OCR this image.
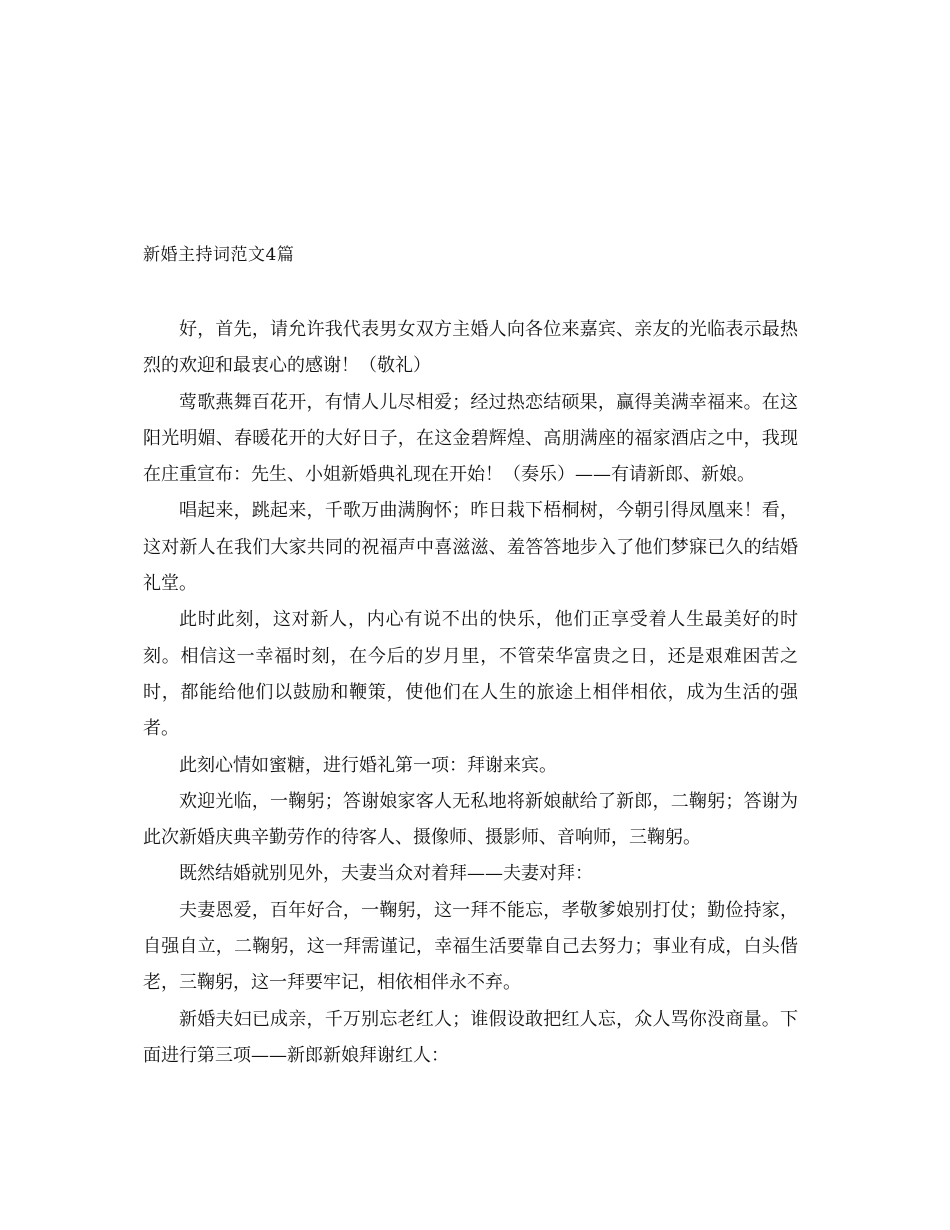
新婚主持词范文4篇

好，首先，请允许我代表男女双方主婚人向各位来嘉宾、亲友的光临表示最热烈的欢迎和最衷心的感谢！（敬礼）

莺歌燕舞百花开，有情人儿尽相爱；经过热恋结硕果，赢得美满幸福来。在这阳光明媚、春暖花开的大好日子，在这金碧辉煌、高朋满座的福家酒店之中，我现在庄重宣布：先生、小姐新婚典礼现在开始！（奏乐）——有请新郎、新娘。

唱起来，跳起来，千歌万曲满胸怀；昨日栽下梧桐树，今朝引得凤凰来！看，这对新人在我们大家共同的祝福声中喜滋滋、羞答答地步入了他们梦寐已久的结婚礼堂。

此时此刻，这对新人，内心有说不出的快乐，他们正享受着人生最美好的时刻。相信这一幸福时刻，在今后的岁月里，不管荣华富贵之日，还是艰难困苦之时，都能给他们以鼓励和鞭策，使他们在人生的旅途上相伴相依，成为生活的强者。

此刻心情如蜜糖，进行婚礼第一项：拜谢来宾。

欢迎光临，一鞠躬；答谢娘家客人无私地将新娘献给了新郎，二鞠躬；答谢为此次新婚庆典辛勤劳作的待客人、摄像师、摄影师、音响师，三鞠躬。

既然结婚就别见外，夫妻当众对着拜——夫妻对拜：

夫妻恩爱，百年好合，一鞠躬，这一拜不能忘，孝敬爹娘别打仗；勤俭持家，自强自立，二鞠躬，这一拜需谨记，幸福生活要靠自己去努力；事业有成，白头偕老，三鞠躬，这一拜要牢记，相依相伴永不弃。

新婚夫妇已成亲，千万别忘老红人；谁假设敢把红人忘，众人骂你没商量。下面进行第三项——新郎新娘拜谢红人：
